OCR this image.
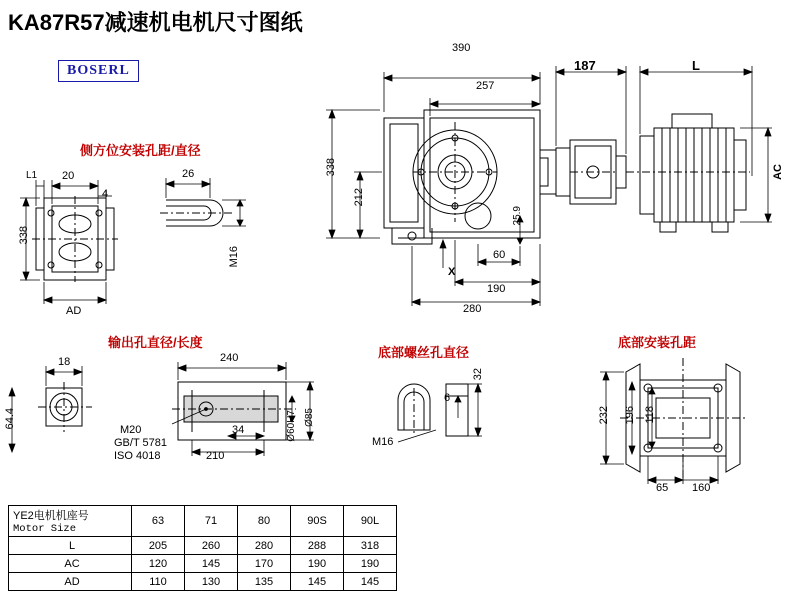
KA87R57减速机电机尺寸图纸
BOSERL
侧方位安装孔距/直径
输出孔直径/长度
底部螺丝孔直径
底部安装孔距
390
257
187	L
338
212
25.9
60
190
280
X
AC
L1 20
4
338
AD
26
M16
18
64.4
240
210
34	Ø60H7 Ø85
M20
GB/T 5781
ISO 4018
32
6
M16
232 196 118
65 160
YE2电机机座号
Motor Size	63	71	80	90S	90L
L	205	260	280	288	318
AC	120	145	170	190	190
AD	110	130	135	145	145
